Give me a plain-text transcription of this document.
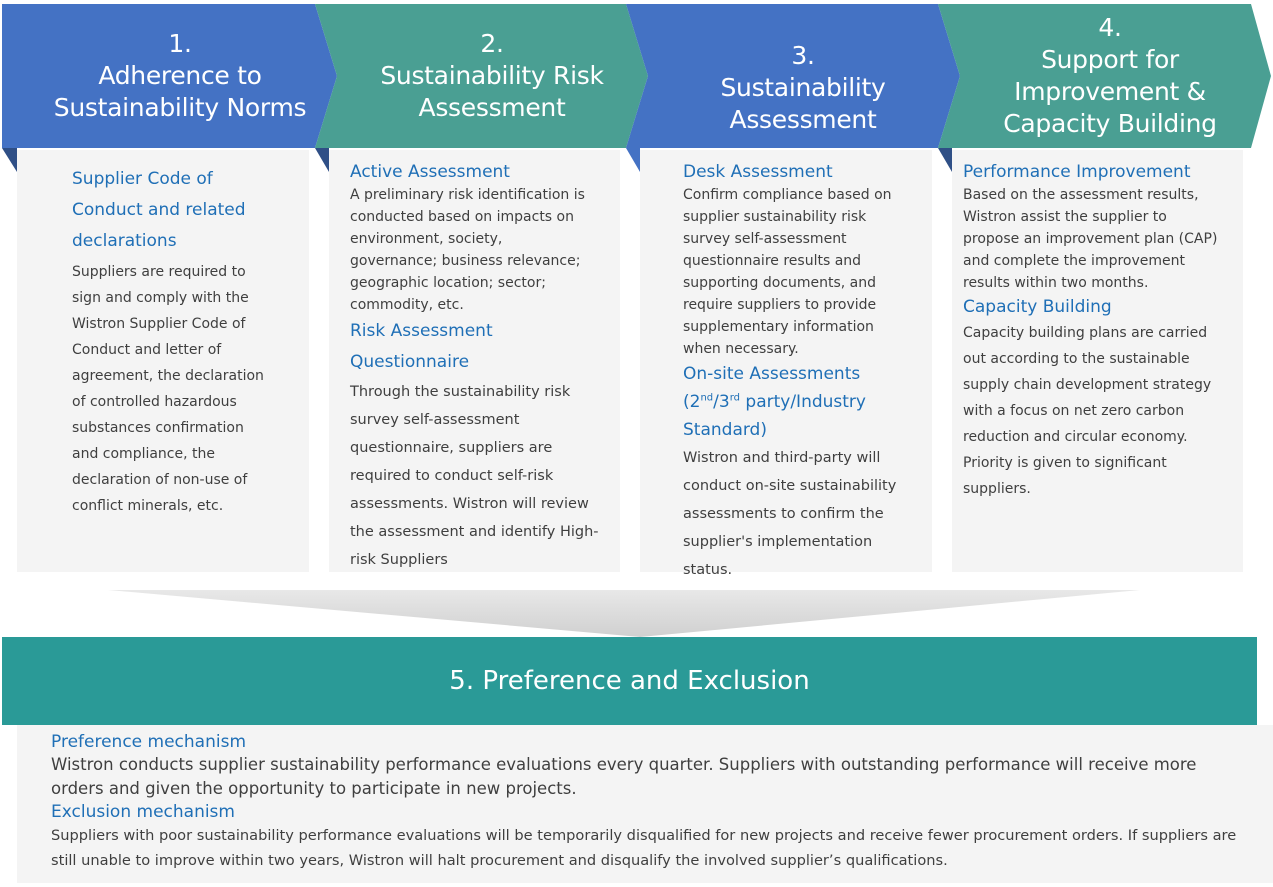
1.
Adherence to
Sustainability Norms
2.
Sustainability Risk
Assessment
3.
Sustainability
Assessment
4.
Support for
Improvement &
Capacity Building
Supplier Code of
Conduct and related
declarations
Suppliers are required to
sign and comply with the
Wistron Supplier Code of
Conduct and letter of
agreement, the declaration
of controlled hazardous
substances confirmation
and compliance, the
declaration of non-use of
conflict minerals, etc.
Active Assessment
A preliminary risk identification is
conducted based on impacts on
environment, society,
governance; business relevance;
geographic location; sector;
commodity, etc.
Risk Assessment
Questionnaire
Through the sustainability risk
survey self-assessment
questionnaire, suppliers are
required to conduct self-risk
assessments. Wistron will review
the assessment and identify High-
risk Suppliers
Desk Assessment
Confirm compliance based on
supplier sustainability risk
survey self-assessment
questionnaire results and
supporting documents, and
require suppliers to provide
supplementary information
when necessary.
On-site Assessments
(2nd/3rd party/Industry
Standard)
Wistron and third-party will
conduct on-site sustainability
assessments to confirm the
supplier's implementation
status.
Performance Improvement
Based on the assessment results,
Wistron assist the supplier to
propose an improvement plan (CAP)
and complete the improvement
results within two months.
Capacity Building
Capacity building plans are carried
out according to the sustainable
supply chain development strategy
with a focus on net zero carbon
reduction and circular economy.
Priority is given to significant
suppliers.
5. Preference and Exclusion
Preference mechanism
Wistron conducts supplier sustainability performance evaluations every quarter. Suppliers with outstanding performance will receive more
orders and given the opportunity to participate in new projects.
Exclusion mechanism
Suppliers with poor sustainability performance evaluations will be temporarily disqualified for new projects and receive fewer procurement orders. If suppliers are
still unable to improve within two years, Wistron will halt procurement and disqualify the involved supplier’s qualifications.
